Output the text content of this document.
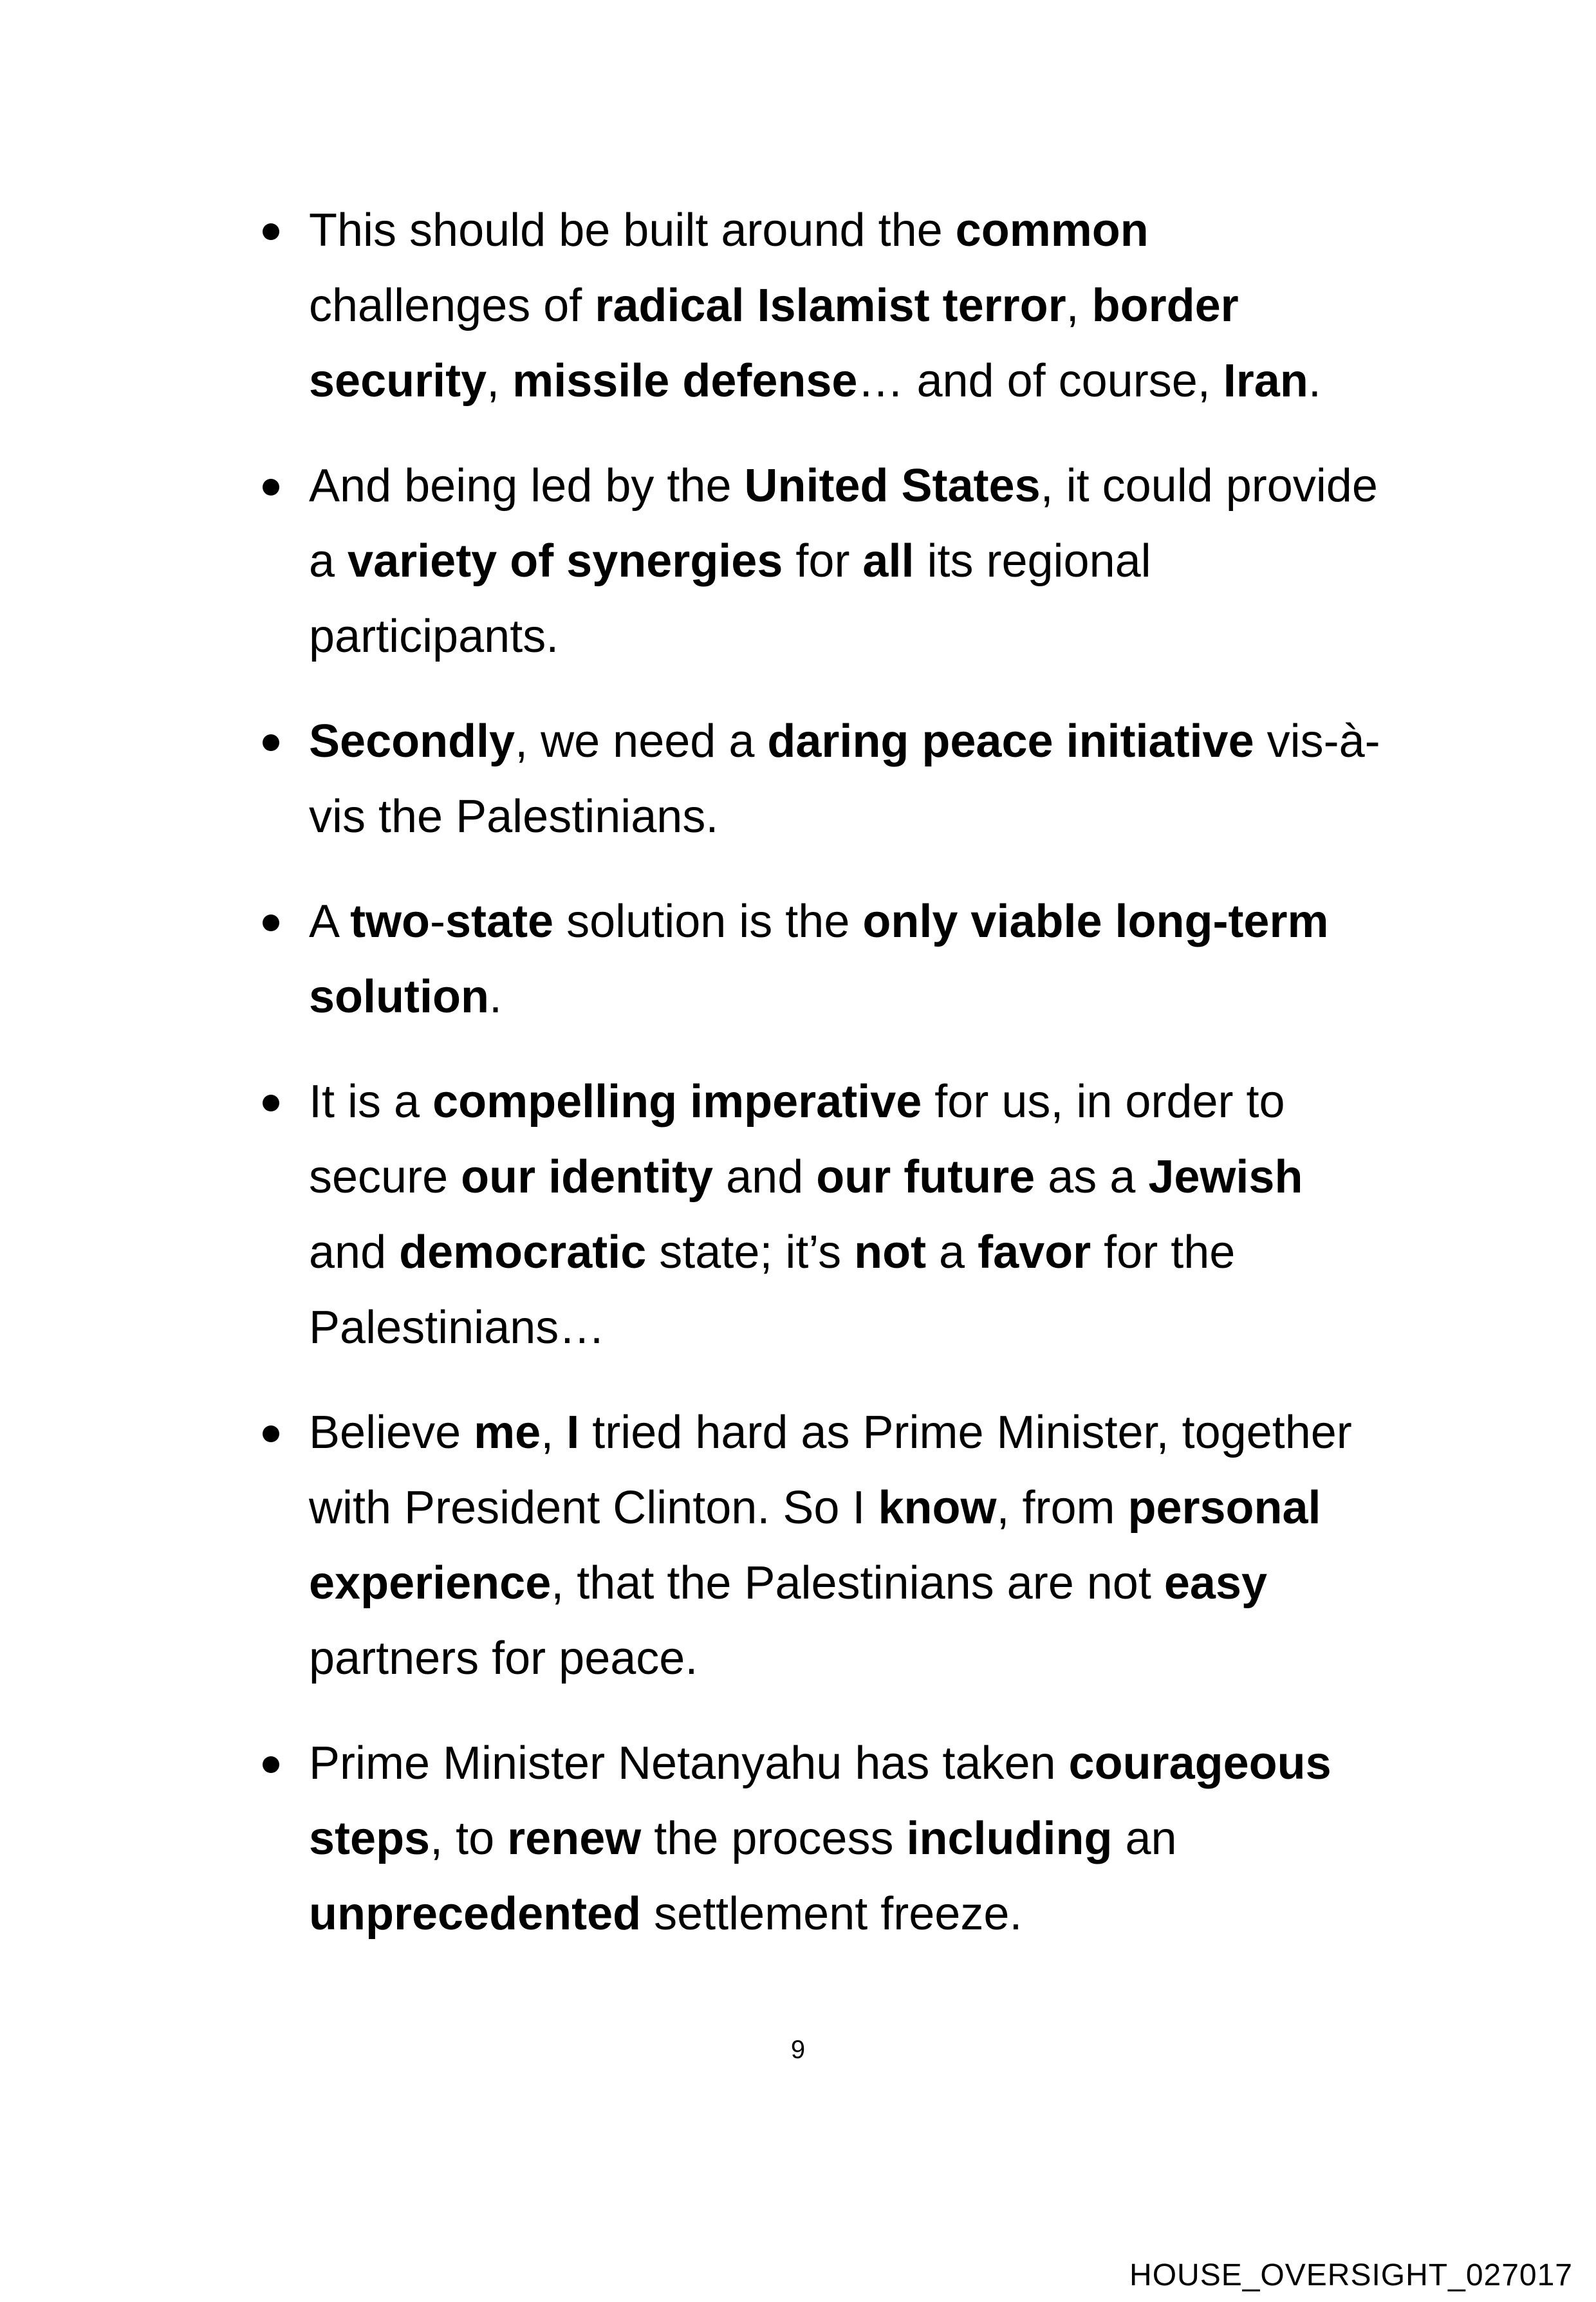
This should be built around the common challenges of radical Islamist terror, border security, missile defense… and of course, Iran.
And being led by the United States, it could provide a variety of synergies for all its regional participants.
Secondly, we need a daring peace initiative vis-à-vis the Palestinians.
A two-state solution is the only viable long-term solution.
It is a compelling imperative for us, in order to secure our identity and our future as a Jewish and democratic state; it’s not a favor for the Palestinians…
Believe me, I tried hard as Prime Minister, together with President Clinton. So I know, from personal experience, that the Palestinians are not easy partners for peace.
Prime Minister Netanyahu has taken courageous steps, to renew the process including an unprecedented settlement freeze.
9
HOUSE_OVERSIGHT_027017
